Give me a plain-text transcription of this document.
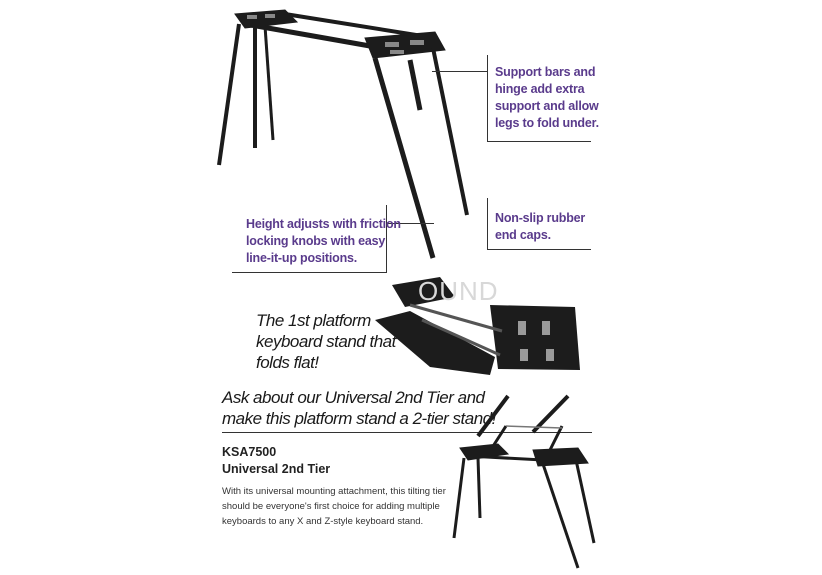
Support bars and
hinge add extra
support and allow
legs to fold under.
Non-slip rubber
end caps.
Height adjusts with friction
locking knobs with easy
line-it-up positions.
OUND
The 1st platform
keyboard stand that
folds flat!
Ask about our Universal 2nd Tier and
make this platform stand a 2-tier stand!
KSA7500
Universal 2nd Tier
With its universal mounting attachment, this tilting tier
should be everyone's first choice for adding multiple
keyboards to any X and Z-style keyboard stand.
